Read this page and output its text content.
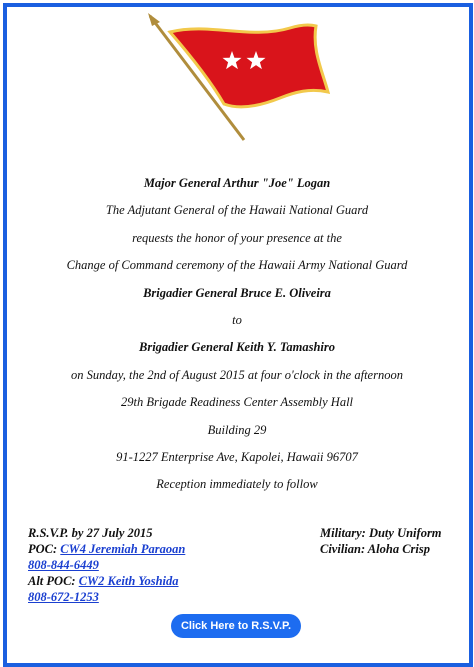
Major General Arthur "Joe" Logan
The Adjutant General of the Hawaii National Guard
requests the honor of your presence at the
Change of Command ceremony of the Hawaii Army National Guard
Brigadier General Bruce E. Oliveira
to
Brigadier General Keith Y. Tamashiro
on Sunday, the 2nd of August 2015 at four o'clock in the afternoon
29th Brigade Readiness Center Assembly Hall
Building 29
91-1227 Enterprise Ave, Kapolei, Hawaii 96707
Reception immediately to follow
R.S.V.P. by 27 July 2015
POC: CW4 Jeremiah Paraoan
808-844-6449
Alt POC: CW2 Keith Yoshida
808-672-1253
Military: Duty Uniform
Civilian: Aloha Crisp
Click Here to R.S.V.P.
